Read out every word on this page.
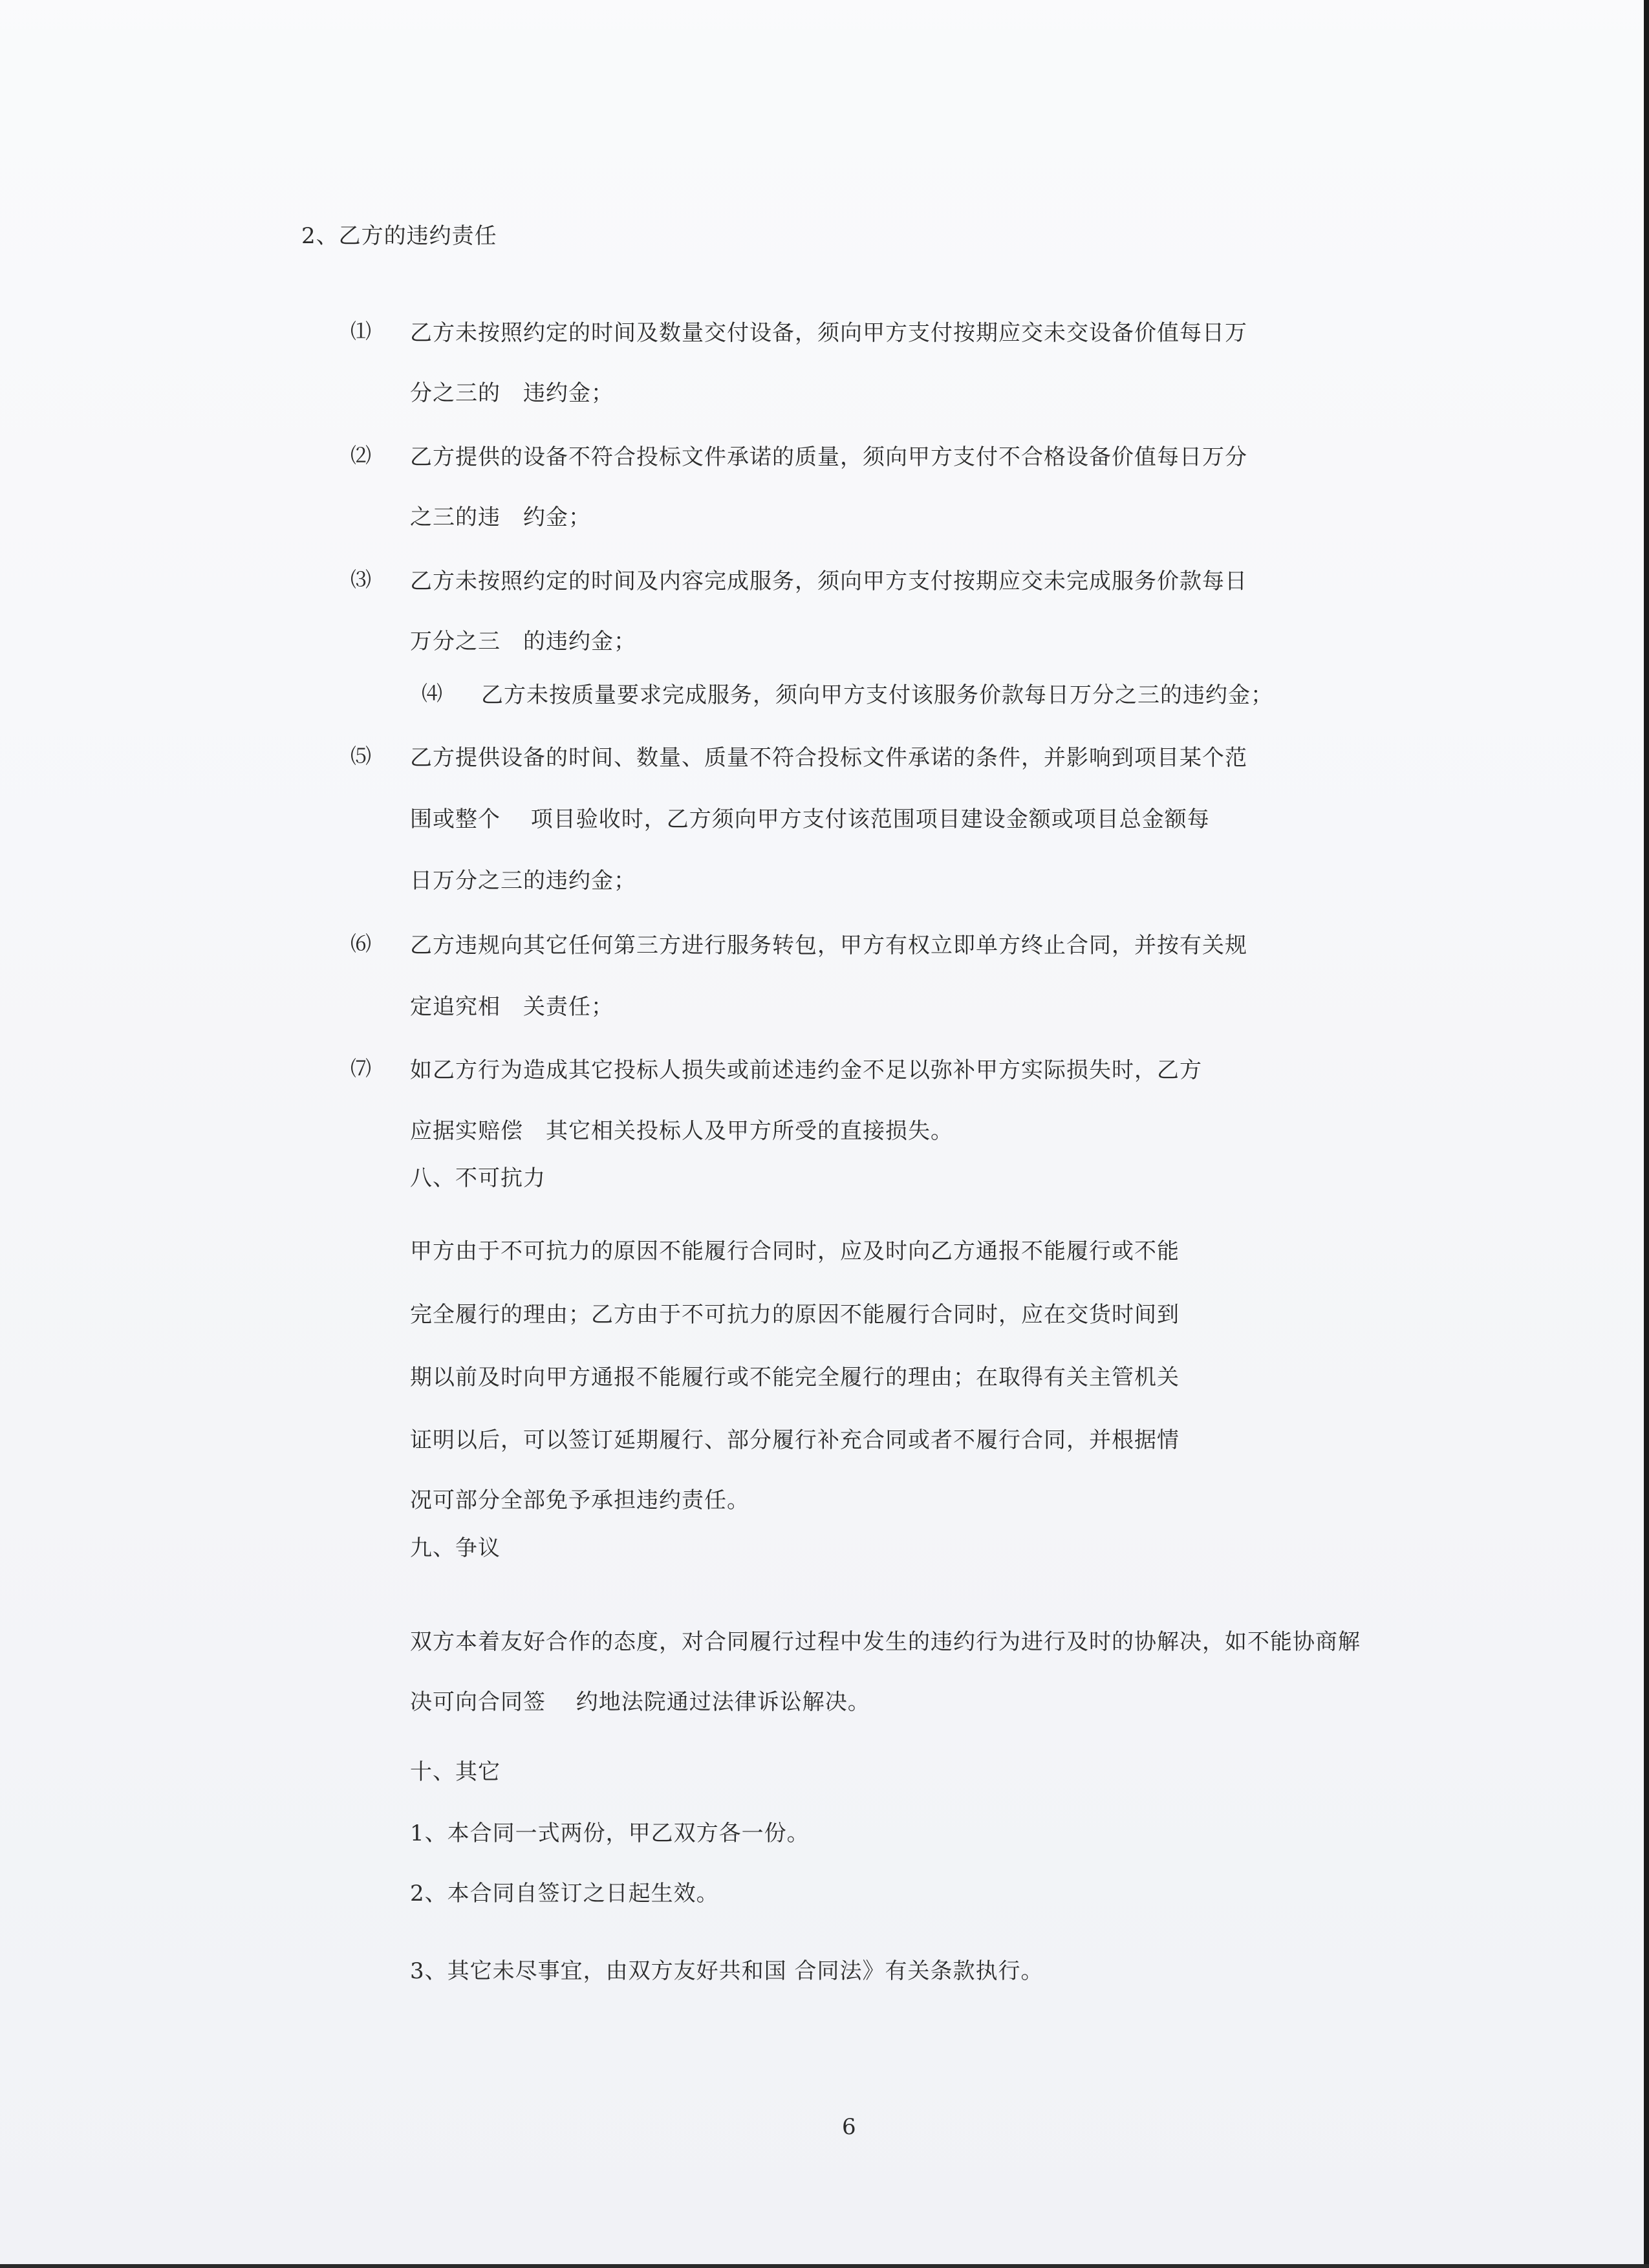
2、乙方的违约责任
⑴ 乙方未按照约定的时间及数量交付设备，须向甲方支付按期应交未交设备价值每日万
分之三的　违约金；
⑵ 乙方提供的设备不符合投标文件承诺的质量，须向甲方支付不合格设备价值每日万分
之三的违　约金；
⑶ 乙方未按照约定的时间及内容完成服务，须向甲方支付按期应交未完成服务价款每日
万分之三　的违约金；
⑷ 乙方未按质量要求完成服务，须向甲方支付该服务价款每日万分之三的违约金；
⑸ 乙方提供设备的时间、数量、质量不符合投标文件承诺的条件，并影响到项目某个范
围或整个　 项目验收时，乙方须向甲方支付该范围项目建设金额或项目总金额每
日万分之三的违约金；
⑹ 乙方违规向其它任何第三方进行服务转包，甲方有权立即单方终止合同，并按有关规
定追究相　关责任；
⑺ 如乙方行为造成其它投标人损失或前述违约金不足以弥补甲方实际损失时，乙方
应据实赔偿　其它相关投标人及甲方所受的直接损失。
八、不可抗力
甲方由于不可抗力的原因不能履行合同时，应及时向乙方通报不能履行或不能
完全履行的理由；乙方由于不可抗力的原因不能履行合同时，应在交货时间到
期以前及时向甲方通报不能履行或不能完全履行的理由；在取得有关主管机关
证明以后，可以签订延期履行、部分履行补充合同或者不履行合同，并根据情
况可部分全部免予承担违约责任。
九、争议
双方本着友好合作的态度，对合同履行过程中发生的违约行为进行及时的协解决，如不能协商解
决可向合同签　 约地法院通过法律诉讼解决。
十、其它
1、本合同一式两份，甲乙双方各一份。
2、本合同自签订之日起生效。
3、其它未尽事宜，由双方友好共和国 合同法》有关条款执行。
6
